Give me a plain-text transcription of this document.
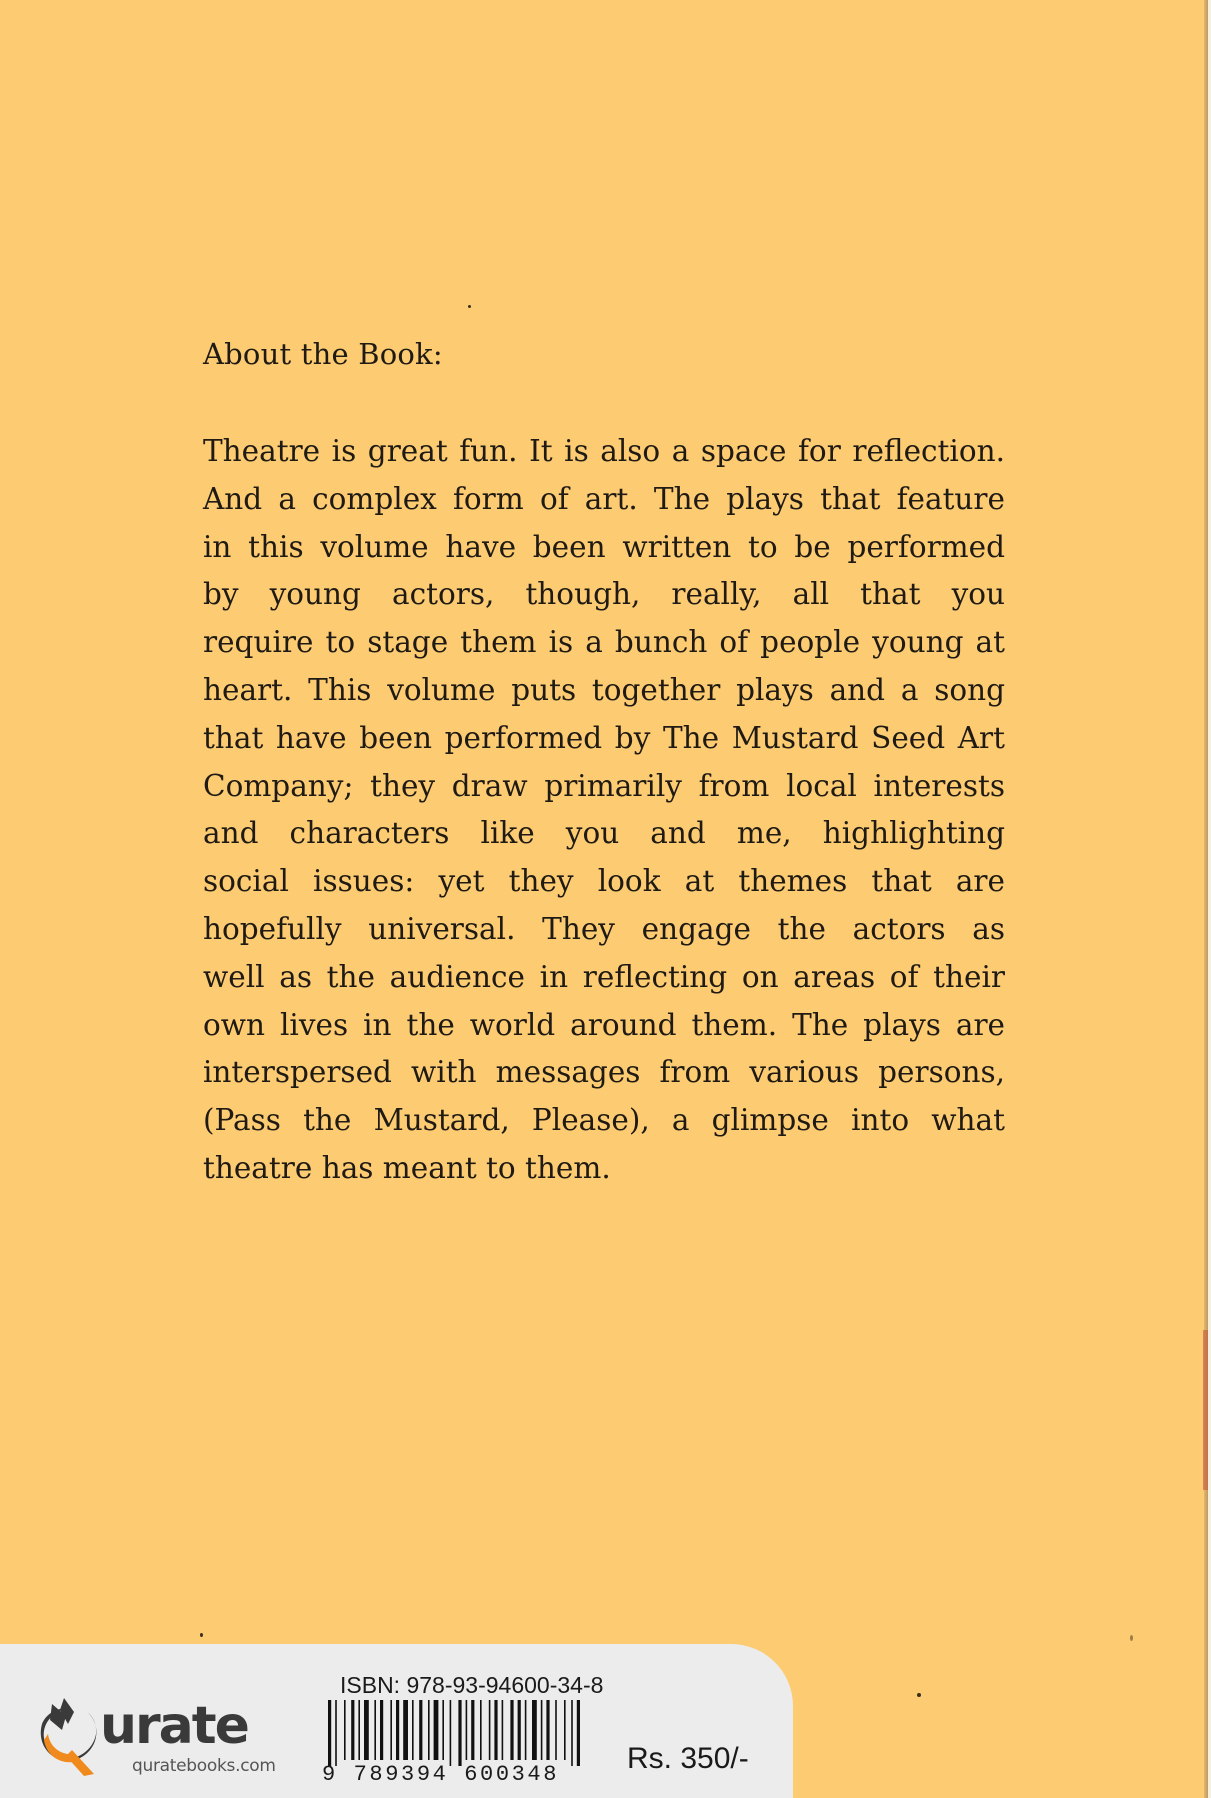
About the Book:

Theatre is great fun. It is also a space for reflection.
And a complex form of art. The plays that feature
in this volume have been written to be performed
by young actors, though, really, all that you
require to stage them is a bunch of people young at
heart. This volume puts together plays and a song
that have been performed by The Mustard Seed Art
Company; they draw primarily from local interests
and characters like you and me, highlighting
social issues: yet they look at themes that are
hopefully universal. They engage the actors as
well as the audience in reflecting on areas of their
own lives in the world around them. The plays are
interspersed with messages from various persons,
(Pass the Mustard, Please), a glimpse into what
theatre has meant to them.

urate
quratebooks.com
ISBN: 978-93-94600-34-8
9 789394 600348	Rs. 350/-
